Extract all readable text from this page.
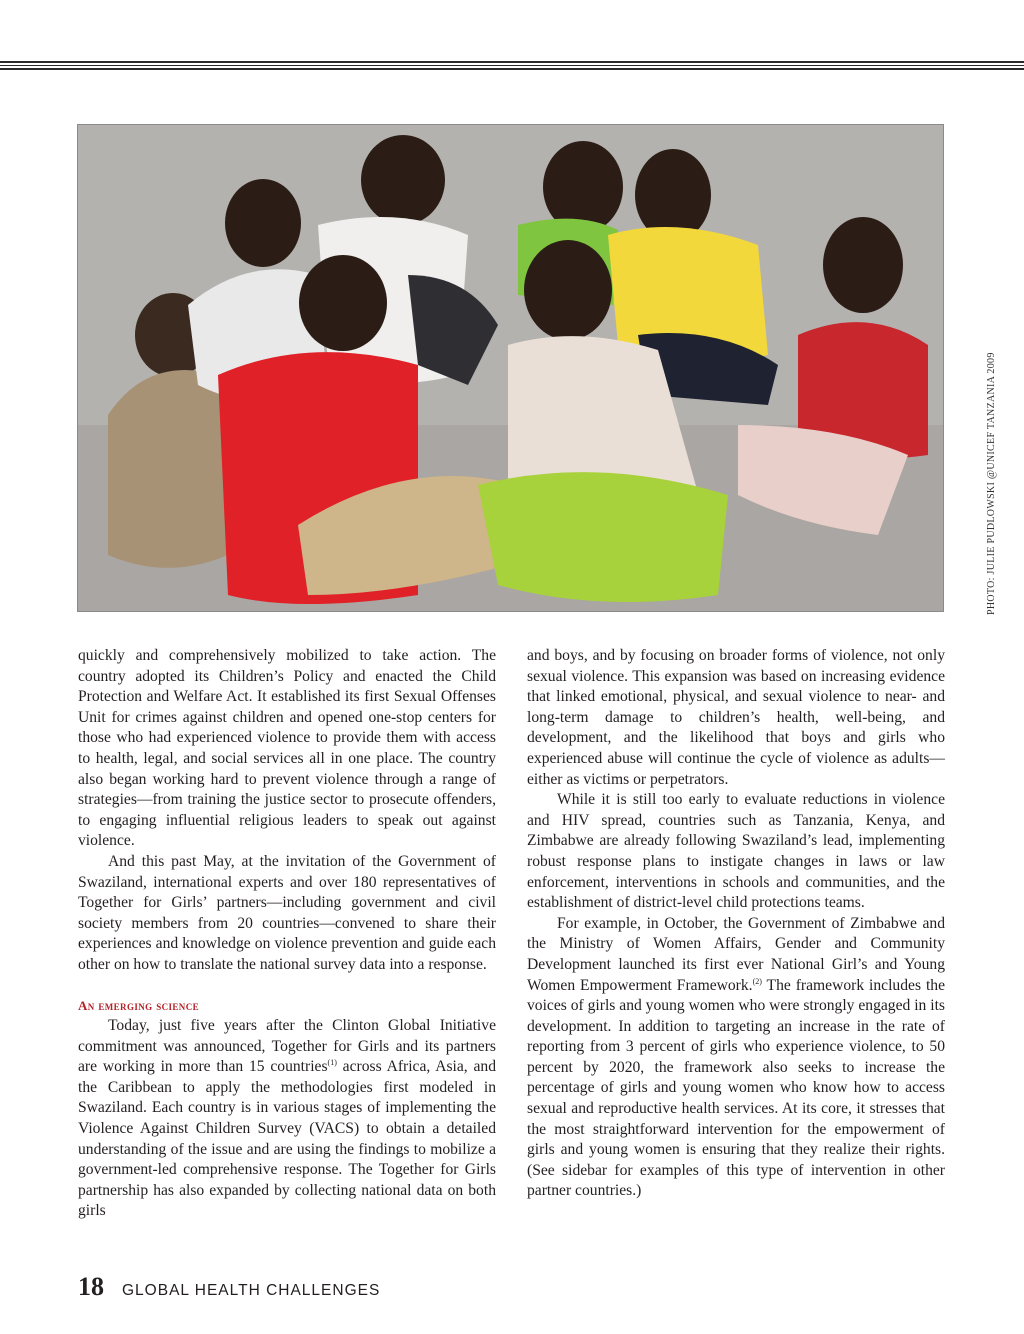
PHOTO: JULIE PUDLOWSKI @UNICEF TANZANIA 2009

quickly and comprehensively mobilized to take action. The country adopted its Children’s Policy and enacted the Child Protection and Welfare Act. It established its first Sexual Offenses Unit for crimes against children and opened one-stop centers for those who had experienced violence to provide them with access to health, legal, and social services all in one place. The country also began working hard to prevent violence through a range of strategies—from training the justice sector to prosecute offenders, to engaging influential religious leaders to speak out against violence.

And this past May, at the invitation of the Government of Swaziland, international experts and over 180 representatives of Together for Girls’ partners—including government and civil society members from 20 countries—convened to share their experiences and knowledge on violence prevention and guide each other on how to translate the national survey data into a response.

An emerging science

Today, just five years after the Clinton Global Initiative commitment was announced, Together for Girls and its partners are working in more than 15 countries$^{(1)}$ across Africa, Asia, and the Caribbean to apply the methodologies first modeled in Swaziland. Each country is in various stages of implementing the Violence Against Children Survey (VACS) to obtain a detailed understanding of the issue and are using the findings to mobilize a government-led comprehensive response. The Together for Girls partnership has also expanded by collecting national data on both girls

and boys, and by focusing on broader forms of violence, not only sexual violence. This expansion was based on increasing evidence that linked emotional, physical, and sexual violence to near- and long-term damage to children’s health, well-being, and development, and the likelihood that boys and girls who experienced abuse will continue the cycle of violence as adults—either as victims or perpetrators.

While it is still too early to evaluate reductions in violence and HIV spread, countries such as Tanzania, Kenya, and Zimbabwe are already following Swaziland’s lead, implementing robust response plans to instigate changes in laws or law enforcement, interventions in schools and communities, and the establishment of district-level child protections teams.

For example, in October, the Government of Zimbabwe and the Ministry of Women Affairs, Gender and Community Development launched its first ever National Girl’s and Young Women Empowerment Framework.$^{(2)}$ The framework includes the voices of girls and young women who were strongly engaged in its development. In addition to targeting an increase in the rate of reporting from 3 percent of girls who experience violence, to 50 percent by 2020, the framework also seeks to increase the percentage of girls and young women who know how to access sexual and reproductive health services. At its core, it stresses that the most straightforward intervention for the empowerment of girls and young women is ensuring that they realize their rights. (See sidebar for examples of this type of intervention in other partner countries.)

18 GLOBAL HEALTH CHALLENGES
